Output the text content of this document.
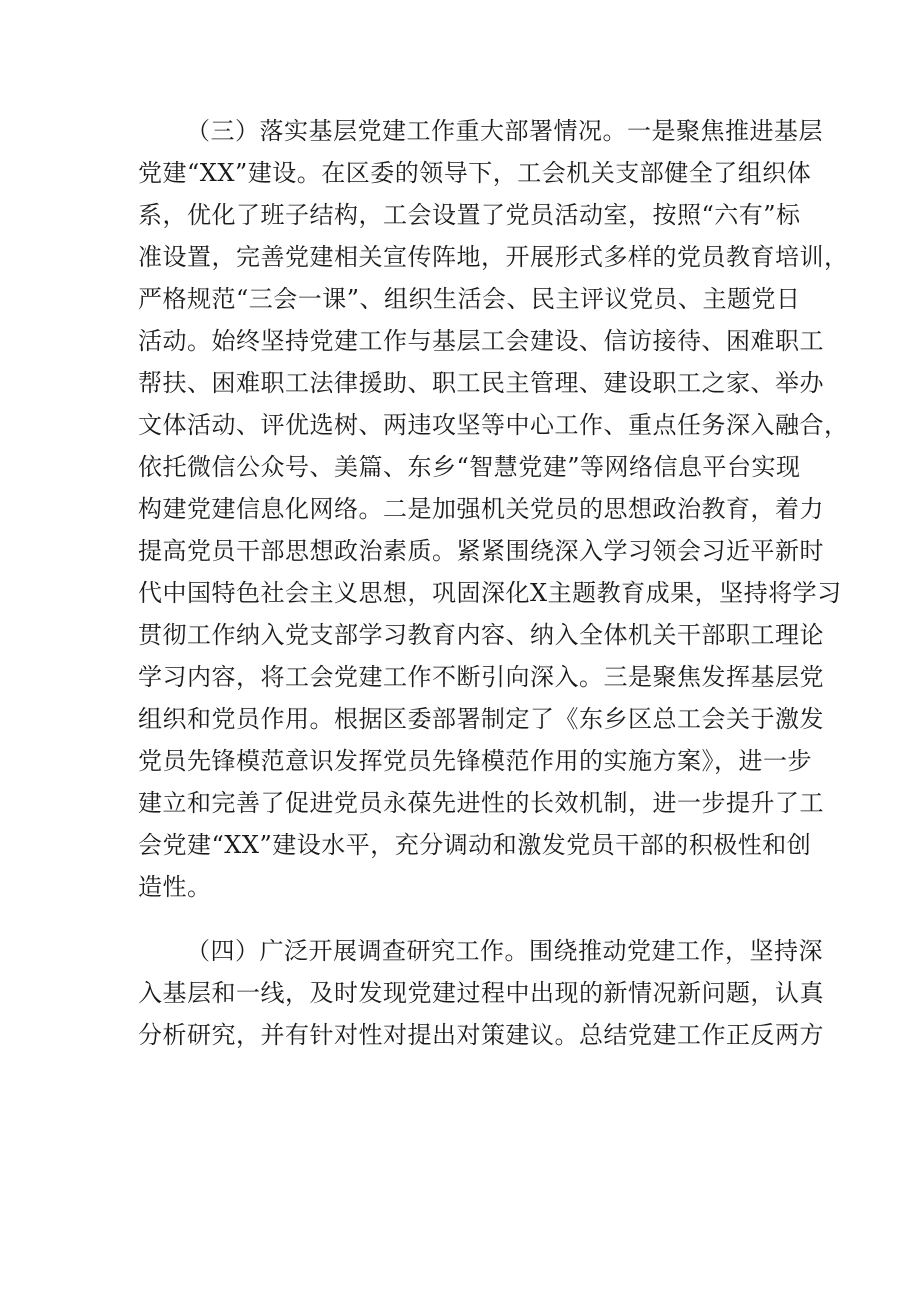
（三）落实基层党建工作重大部署情况。一是聚焦推进基层
党建“XX”建设。在区委的领导下，工会机关支部健全了组织体
系，优化了班子结构，工会设置了党员活动室，按照“六有”标
准设置，完善党建相关宣传阵地，开展形式多样的党员教育培训，
严格规范“三会一课”、组织生活会、民主评议党员、主题党日
活动。始终坚持党建工作与基层工会建设、信访接待、困难职工
帮扶、困难职工法律援助、职工民主管理、建设职工之家、举办
文体活动、评优选树、两违攻坚等中心工作、重点任务深入融合，
依托微信公众号、美篇、东乡“智慧党建”等网络信息平台实现
构建党建信息化网络。二是加强机关党员的思想政治教育，着力
提高党员干部思想政治素质。紧紧围绕深入学习领会习近平新时
代中国特色社会主义思想，巩固深化X主题教育成果，坚持将学习
贯彻工作纳入党支部学习教育内容、纳入全体机关干部职工理论
学习内容，将工会党建工作不断引向深入。三是聚焦发挥基层党
组织和党员作用。根据区委部署制定了《东乡区总工会关于激发
党员先锋模范意识发挥党员先锋模范作用的实施方案》，进一步
建立和完善了促进党员永葆先进性的长效机制，进一步提升了工
会党建“XX”建设水平，充分调动和激发党员干部的积极性和创
造性。
（四）广泛开展调查研究工作。围绕推动党建工作，坚持深
入基层和一线，及时发现党建过程中出现的新情况新问题，认真
分析研究，并有针对性对提出对策建议。总结党建工作正反两方
